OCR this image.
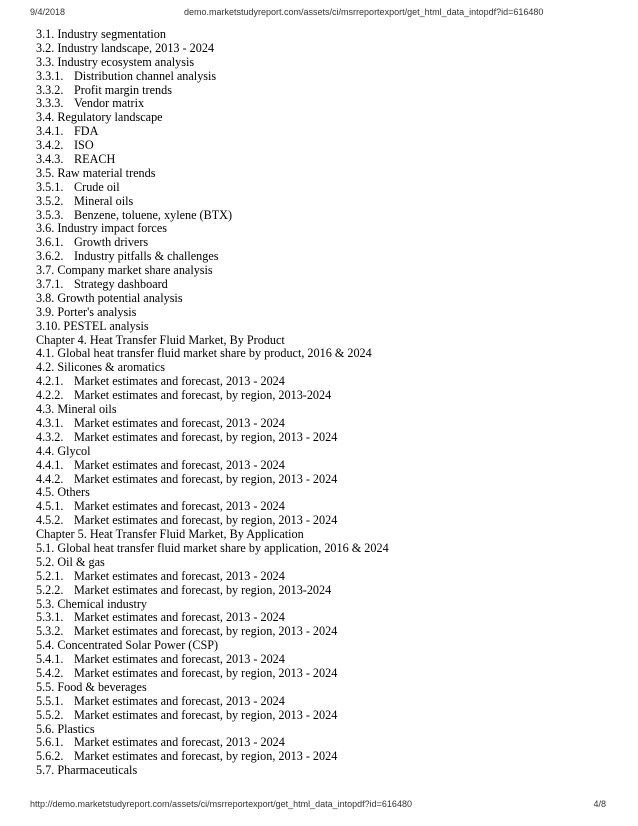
9/4/2018	demo.marketstudyreport.com/assets/ci/msrreportexport/get_html_data_intopdf?id=616480
3.1. Industry segmentation
3.2. Industry landscape, 2013 - 2024
3.3. Industry ecosystem analysis
3.3.1. Distribution channel analysis
3.3.2. Profit margin trends
3.3.3. Vendor matrix
3.4. Regulatory landscape
3.4.1. FDA
3.4.2. ISO
3.4.3. REACH
3.5. Raw material trends
3.5.1. Crude oil
3.5.2. Mineral oils
3.5.3. Benzene, toluene, xylene (BTX)
3.6. Industry impact forces
3.6.1. Growth drivers
3.6.2. Industry pitfalls & challenges
3.7. Company market share analysis
3.7.1. Strategy dashboard
3.8. Growth potential analysis
3.9. Porter's analysis
3.10. PESTEL analysis
Chapter 4. Heat Transfer Fluid Market, By Product
4.1. Global heat transfer fluid market share by product, 2016 & 2024
4.2. Silicones & aromatics
4.2.1. Market estimates and forecast, 2013 - 2024
4.2.2. Market estimates and forecast, by region, 2013-2024
4.3. Mineral oils
4.3.1. Market estimates and forecast, 2013 - 2024
4.3.2. Market estimates and forecast, by region, 2013 - 2024
4.4. Glycol
4.4.1. Market estimates and forecast, 2013 - 2024
4.4.2. Market estimates and forecast, by region, 2013 - 2024
4.5. Others
4.5.1. Market estimates and forecast, 2013 - 2024
4.5.2. Market estimates and forecast, by region, 2013 - 2024
Chapter 5. Heat Transfer Fluid Market, By Application
5.1. Global heat transfer fluid market share by application, 2016 & 2024
5.2. Oil & gas
5.2.1. Market estimates and forecast, 2013 - 2024
5.2.2. Market estimates and forecast, by region, 2013-2024
5.3. Chemical industry
5.3.1. Market estimates and forecast, 2013 - 2024
5.3.2. Market estimates and forecast, by region, 2013 - 2024
5.4. Concentrated Solar Power (CSP)
5.4.1. Market estimates and forecast, 2013 - 2024
5.4.2. Market estimates and forecast, by region, 2013 - 2024
5.5. Food & beverages
5.5.1. Market estimates and forecast, 2013 - 2024
5.5.2. Market estimates and forecast, by region, 2013 - 2024
5.6. Plastics
5.6.1. Market estimates and forecast, 2013 - 2024
5.6.2. Market estimates and forecast, by region, 2013 - 2024
5.7. Pharmaceuticals
http://demo.marketstudyreport.com/assets/ci/msrreportexport/get_html_data_intopdf?id=616480	4/8
